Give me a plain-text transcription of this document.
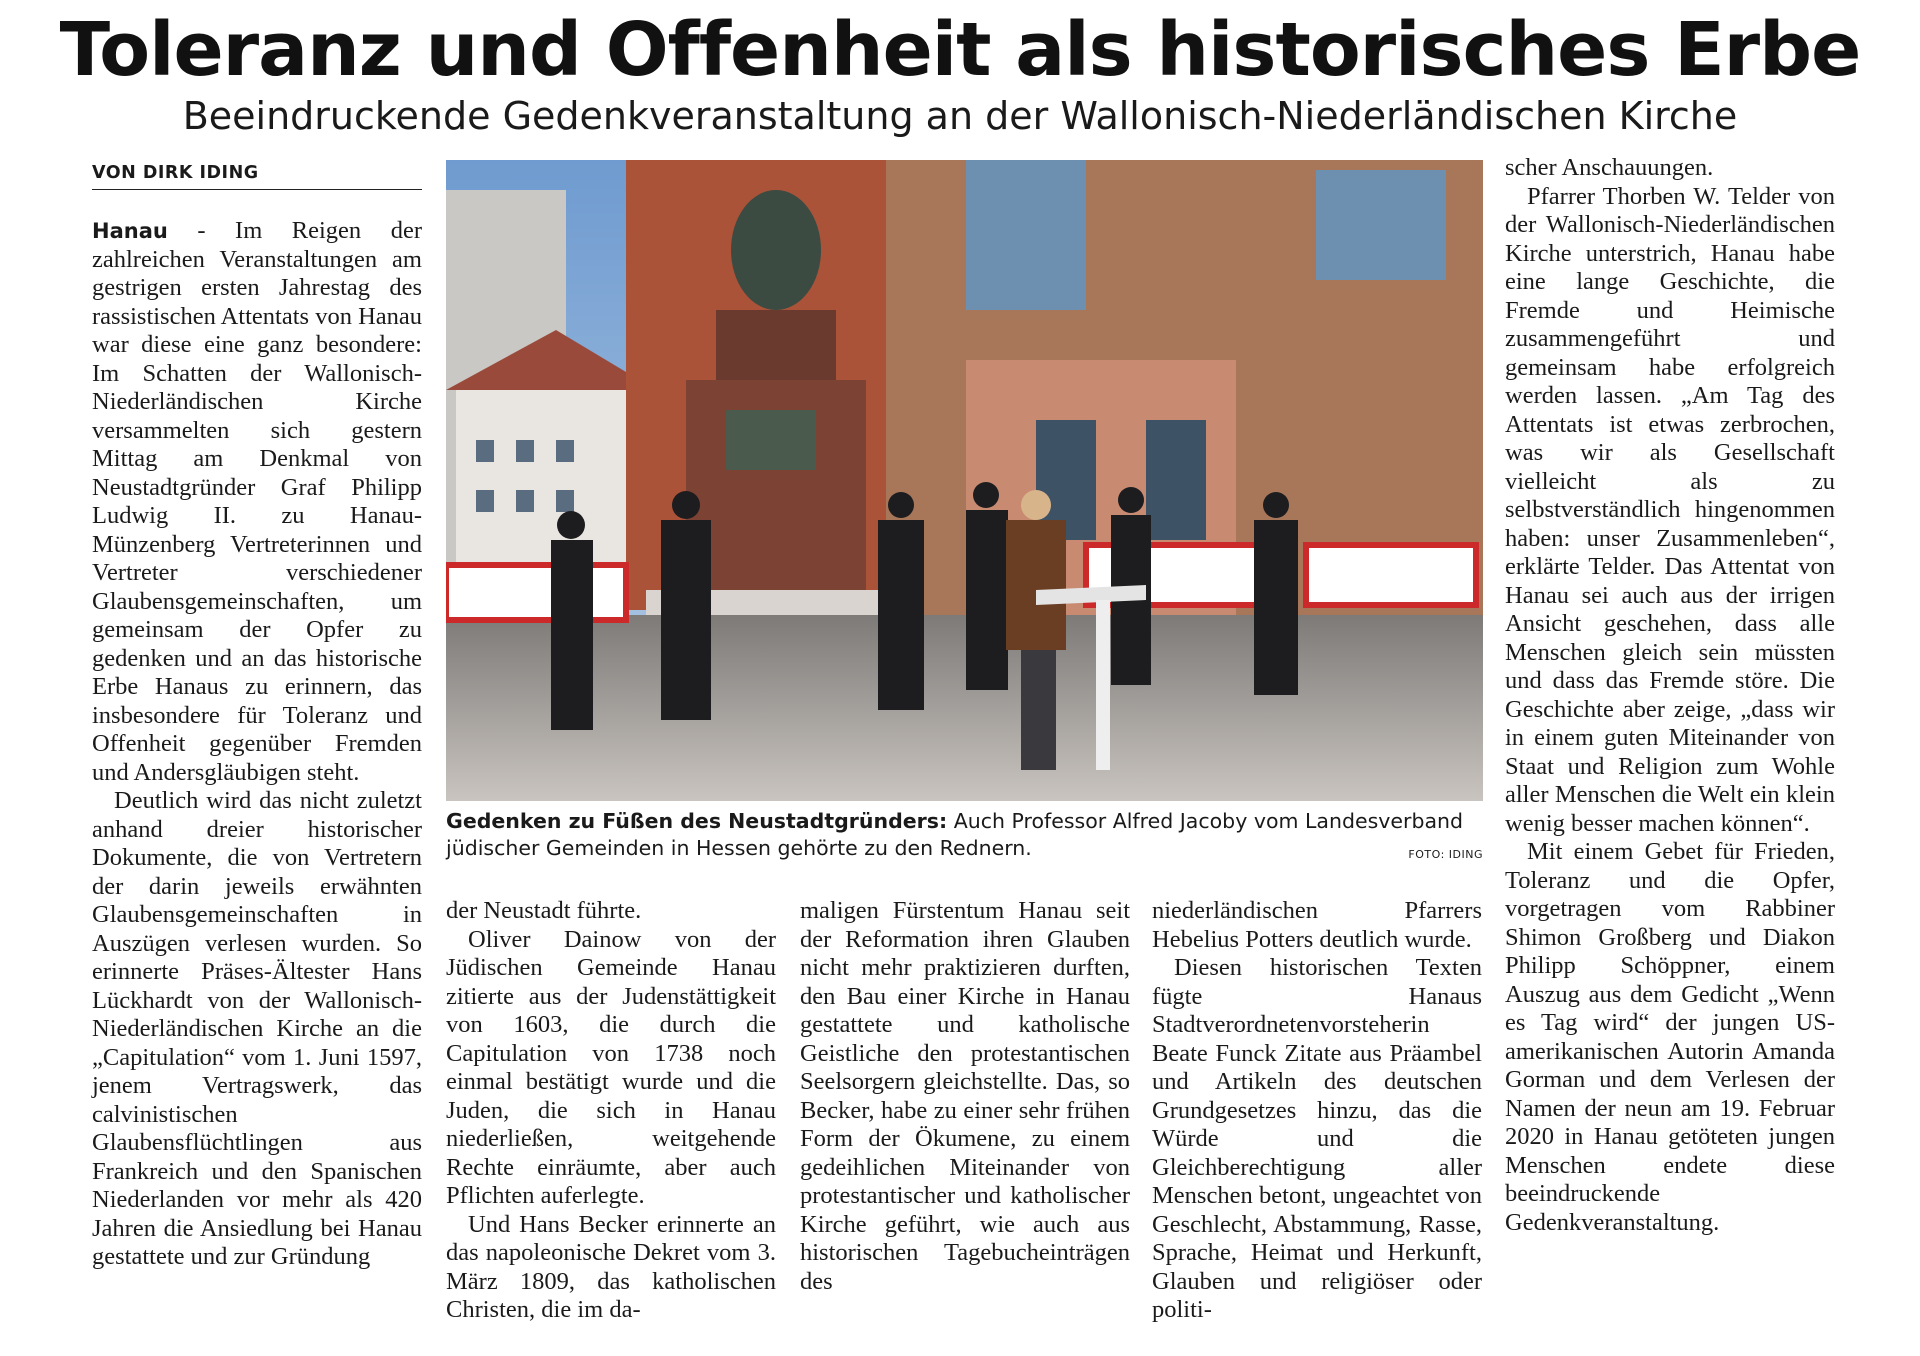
Toleranz und Offenheit als historisches Erbe
Beeindruckende Gedenkveranstaltung an der Wallonisch-Niederländischen Kirche
VON DIRK IDING

Hanau - Im Reigen der zahlreichen Veranstaltungen am gestrigen ersten Jahrestag des rassistischen Attentats von Hanau war diese eine ganz besondere: Im Schatten der Wallonisch-Niederländischen Kirche versammelten sich gestern Mittag am Denkmal von Neustadtgründer Graf Philipp Ludwig II. zu Hanau-Münzenberg Vertreterinnen und Vertreter verschiedener Glaubensgemeinschaften, um gemeinsam der Opfer zu gedenken und an das historische Erbe Hanaus zu erinnern, das insbesondere für Toleranz und Offenheit gegenüber Fremden und Andersgläubigen steht.

Deutlich wird das nicht zuletzt anhand dreier historischer Dokumente, die von Vertretern der darin jeweils erwähnten Glaubensgemeinschaften in Auszügen verlesen wurden. So erinnerte Präses-Ältester Hans Lückhardt von der Wallonisch-Niederländischen Kirche an die „Capitulation“ vom 1. Juni 1597, jenem Vertragswerk, das calvinistischen Glaubensflüchtlingen aus Frankreich und den Spanischen Niederlanden vor mehr als 420 Jahren die Ansiedlung bei Hanau gestattete und zur Gründung

Gedenken zu Füßen des Neustadtgründers: Auch Professor Alfred Jacoby vom Landesverband jüdischer Gemeinden in Hessen gehörte zu den Rednern.	FOTO: IDING

der Neustadt führte.

Oliver Dainow von der Jüdischen Gemeinde Hanau zitierte aus der Judenstättigkeit von 1603, die durch die Capitulation von 1738 noch einmal bestätigt wurde und die Juden, die sich in Hanau niederließen, weitgehende Rechte einräumte, aber auch Pflichten auferlegte.

Und Hans Becker erinnerte an das napoleonische Dekret vom 3. März 1809, das katholischen Christen, die im da-

maligen Fürstentum Hanau seit der Reformation ihren Glauben nicht mehr praktizieren durften, den Bau einer Kirche in Hanau gestattete und katholische Geistliche den protestantischen Seelsorgern gleichstellte. Das, so Becker, habe zu einer sehr frühen Form der Ökumene, zu einem gedeihlichen Miteinander von protestantischer und katholischer Kirche geführt, wie auch aus historischen Tagebucheinträgen des

niederländischen Pfarrers Hebelius Potters deutlich wurde.

Diesen historischen Texten fügte Hanaus Stadtverordnetenvorsteherin Beate Funck Zitate aus Präambel und Artikeln des deutschen Grundgesetzes hinzu, das die Würde und die Gleichberechtigung aller Menschen betont, ungeachtet von Geschlecht, Abstammung, Rasse, Sprache, Heimat und Herkunft, Glauben und religiöser oder politi-

scher Anschauungen.

Pfarrer Thorben W. Telder von der Wallonisch-Niederländischen Kirche unterstrich, Hanau habe eine lange Geschichte, die Fremde und Heimische zusammengeführt und gemeinsam habe erfolgreich werden lassen. „Am Tag des Attentats ist etwas zerbrochen, was wir als Gesellschaft vielleicht als zu selbstverständlich hingenommen haben: unser Zusammenleben“, erklärte Telder. Das Attentat von Hanau sei auch aus der irrigen Ansicht geschehen, dass alle Menschen gleich sein müssten und dass das Fremde störe. Die Geschichte aber zeige, „dass wir in einem guten Miteinander von Staat und Religion zum Wohle aller Menschen die Welt ein klein wenig besser machen können“.

Mit einem Gebet für Frieden, Toleranz und die Opfer, vorgetragen vom Rabbiner Shimon Großberg und Diakon Philipp Schöppner, einem Auszug aus dem Gedicht „Wenn es Tag wird“ der jungen US-amerikanischen Autorin Amanda Gorman und dem Verlesen der Namen der neun am 19. Februar 2020 in Hanau getöteten jungen Menschen endete diese beeindruckende Gedenkveranstaltung.
